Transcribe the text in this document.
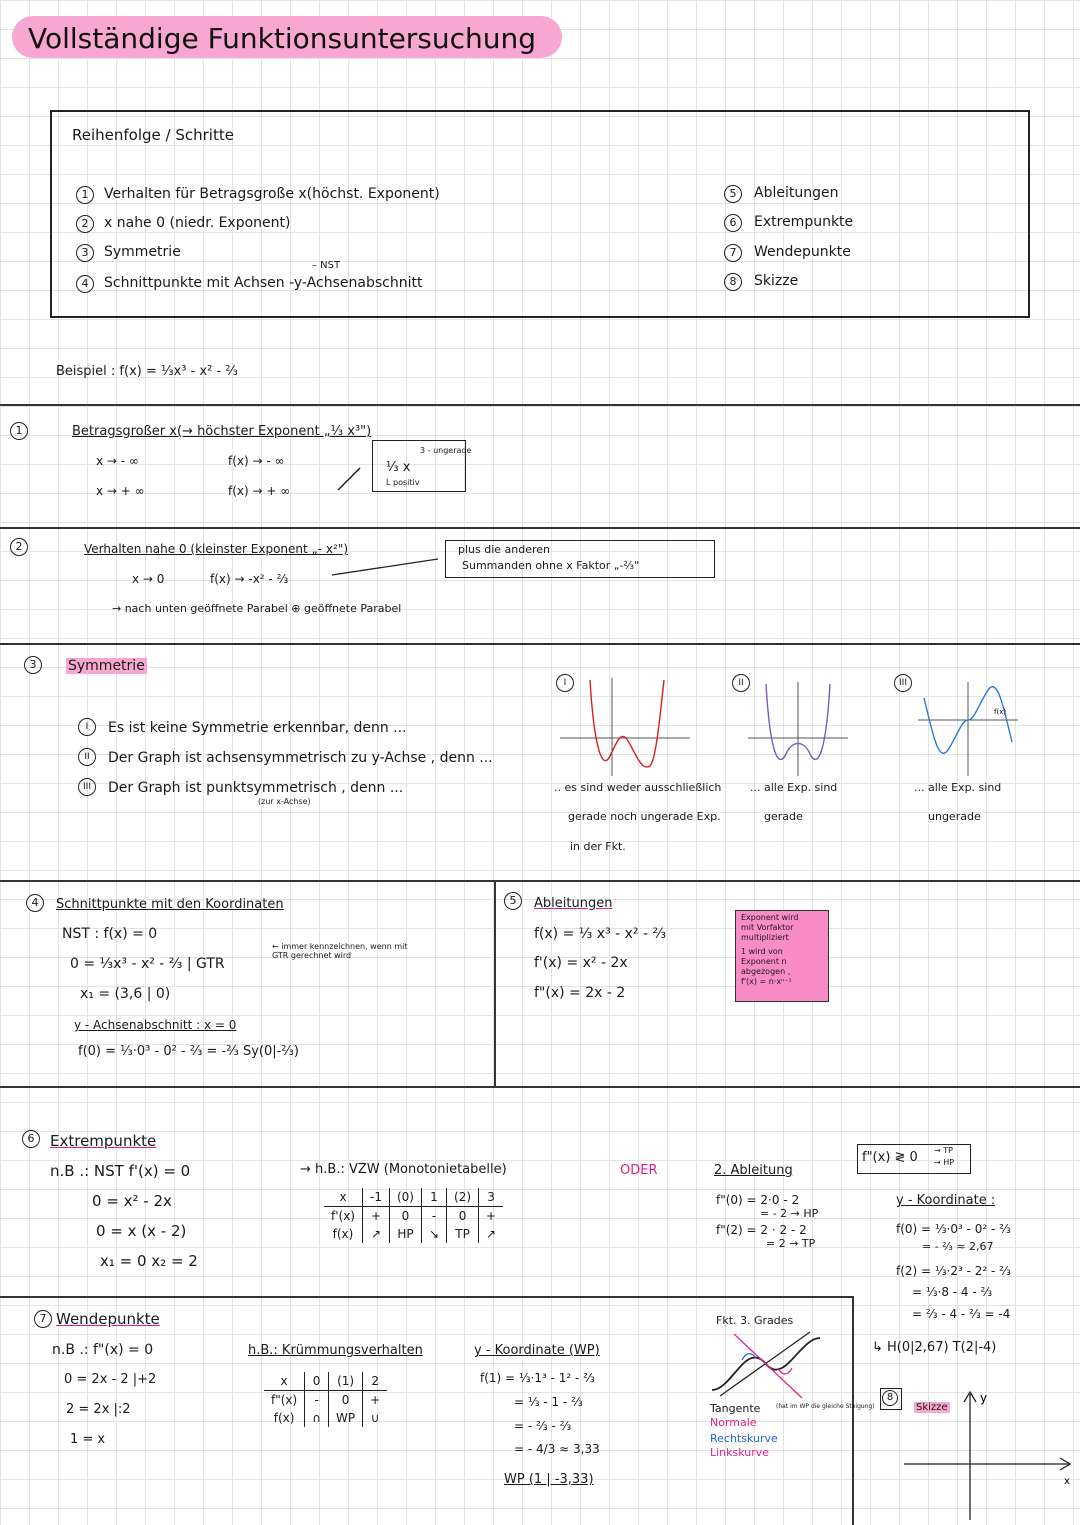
Vollständige Funktionsuntersuchung
Reihenfolge / Schritte
1	Verhalten für Betragsgroße x(höchst. Exponent)
2	x nahe 0 (niedr. Exponent)
3	Symmetrie
– NST
4	Schnittpunkte mit Achsen -y-Achsenabschnitt
5	Ableitungen
6	Extrempunkte
7	Wendepunkte
8	Skizze
Beispiel : f(x) = ⅓x³ - x² - ⅔
1	Betragsgroßer x(→ höchster Exponent „⅓ x³")
x → - ∞	f(x) → - ∞
x → + ∞	f(x) → + ∞
⅓ x
3 - ungerade
L positiv
2	Verhalten nahe 0 (kleinster Exponent „- x²")
x → 0	f(x) → -x² - ⅔
→ nach unten geöffnete Parabel ⊕ geöffnete Parabel
plus die anderen
Summanden ohne x Faktor „-⅔"
3	Symmetrie
I	Es ist keine Symmetrie erkennbar, denn ...
II	Der Graph ist achsensymmetrisch zu y-Achse , denn ...
III	Der Graph ist punktsymmetrisch , denn ...
(zur x-Achse)
I
.. es sind weder ausschließlich
gerade noch ungerade Exp.
in der Fkt.
II
... alle Exp. sind
gerade
III
f(x)
... alle Exp. sind
ungerade
4	Schnittpunkte mit den Koordinaten
NST : f(x) = 0
0 = ⅓x³ - x² - ⅔ | GTR
← immer kennzeichnen, wenn mit GTR gerechnet wird
x₁ = (3,6 | 0)
y - Achsenabschnitt : x = 0
f(0) = ⅓·0³ - 0² - ⅔ = -⅔ Sy(0|-⅔)
5	Ableitungen
f(x) = ⅓ x³ - x² - ⅔
f'(x) = x² - 2x
f"(x) = 2x - 2
Exponent wird
mit Vorfaktor
multipliziert
1 wird von
Exponent n
abgezogen ,
f'(x) = n·xⁿ⁻¹
6	Extrempunkte
n.B .: NST f'(x) = 0
0 = x² - 2x
0 = x (x - 2)
x₁ = 0 x₂ = 2
→ h.B.: VZW (Monotonietabelle)
x	-1	(0)	1	(2)	3
f'(x)	+	0	-	0	+
f(x)	↗	HP	↘	TP	↗
ODER	2. Ableitung
f"(0) = 2·0 - 2
= - 2 → HP
f"(2) = 2 · 2 - 2
= 2 → TP
f"(x) ≷ 0 → TP
→ HP
y - Koordinate :
f(0) = ⅓·0³ - 0² - ⅔
= - ⅔ ≈ 2,67
f(2) = ⅓·2³ - 2² - ⅔
= ⅓·8 - 4 - ⅔
= ⅔ - 4 - ⅔ = -4
↳ H(0|2,67) T(2|-4)
7 Wendepunkte
n.B .: f"(x) = 0
0 = 2x - 2 |+2
2 = 2x |:2
1 = x
h.B.: Krümmungsverhalten
x	0	(1)	2
f"(x)	-	0	+
f(x)	∩	WP	∪
y - Koordinate (WP)
f(1) = ⅓·1³ - 1² - ⅔
= ⅓ - 1 - ⅔
= - ⅔ - ⅔
= - 4/3 ≈ 3,33
WP (1 | -3,33)
Fkt. 3. Grades
Tangente
Normale
Rechtskurve
Linkskurve
(hat im WP die gleiche Steigung)
8
Skizze
y
x
